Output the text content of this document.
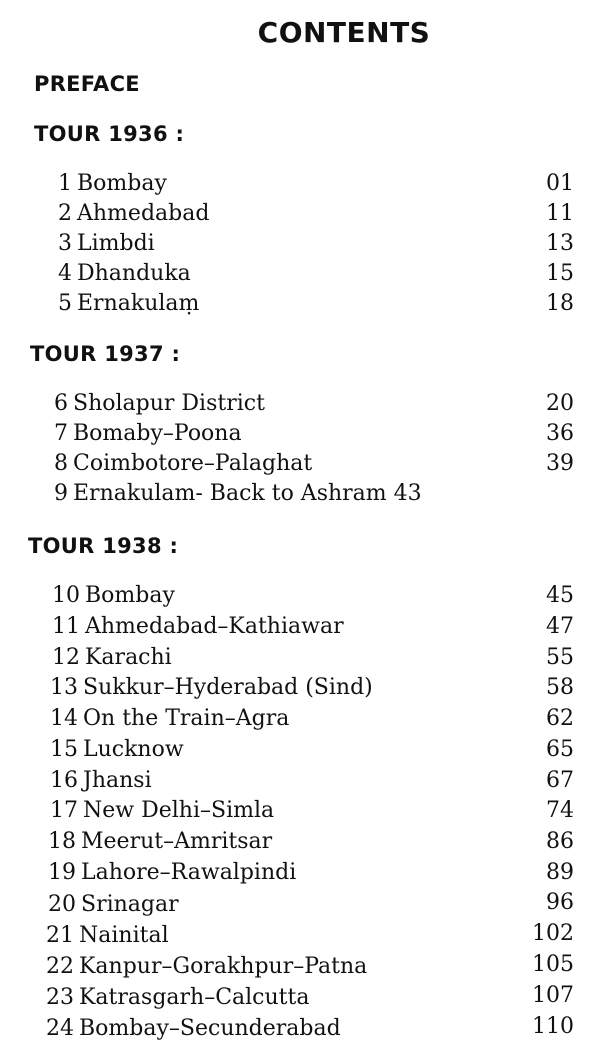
CONTENTS
PREFACE
TOUR 1936 :
1 Bombay	01
2 Ahmedabad	11
3 Limbdi	13
4 Dhanduka	15
5 Ernakulaṃ	18
TOUR 1937 :
6 Sholapur District	20
7 Bomaby–Poona	36
8 Coimbotore–Palaghat	39
9 Ernakulam- Back to Ashram 43
TOUR 1938 :
10 Bombay	45
11 Ahmedabad–Kathiawar	47
12 Karachi	55
13 Sukkur–Hyderabad (Sind)	58
14 On the Train–Agra	62
15 Lucknow	65
16 Jhansi	67
17 New Delhi–Simla	74
18 Meerut–Amritsar	86
19 Lahore–Rawalpindi	89
20 Srinagar	96
21 Nainital	102
22 Kanpur–Gorakhpur–Patna	105
23 Katrasgarh–Calcutta	107
24 Bombay–Secunderabad	110
